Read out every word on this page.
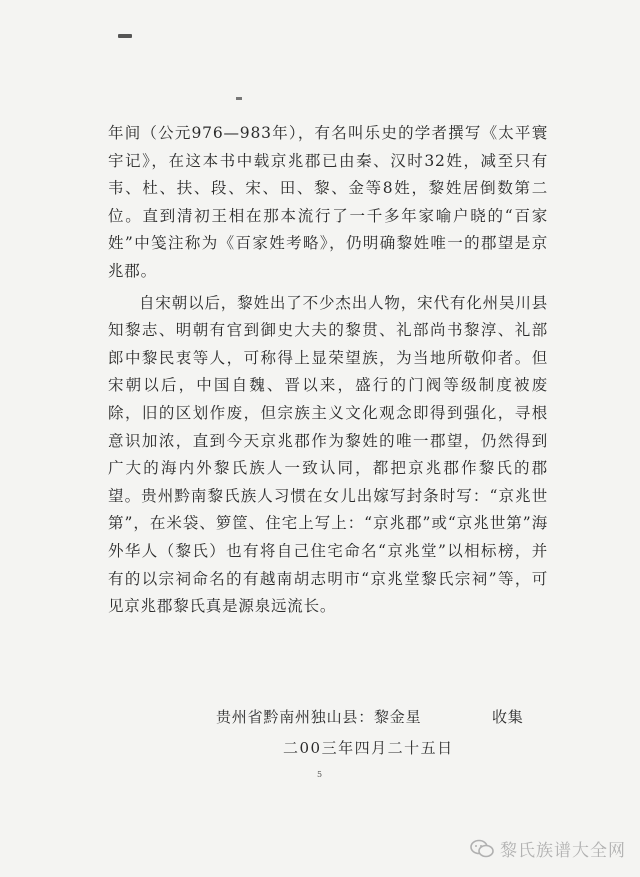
年间（公元976—983年），有名叫乐史的学者撰写《太平寰宇记》，在这本书中载京兆郡已由秦、汉时32姓，减至只有韦、杜、扶、段、宋、田、黎、金等8姓，黎姓居倒数第二位。直到清初王相在那本流行了一千多年家喻户晓的“百家姓”中笺注称为《百家姓考略》，仍明确黎姓唯一的郡望是京兆郡。

自宋朝以后，黎姓出了不少杰出人物，宋代有化州吴川县知黎志、明朝有官到御史大夫的黎贯、礼部尚书黎淳、礼部郎中黎民衷等人，可称得上显荣望族，为当地所敬仰者。但宋朝以后，中国自魏、晋以来，盛行的门阀等级制度被废除，旧的区划作废，但宗族主义文化观念即得到强化，寻根意识加浓，直到今天京兆郡作为黎姓的唯一郡望，仍然得到广大的海内外黎氏族人一致认同，都把京兆郡作黎氏的郡望。贵州黔南黎氏族人习惯在女儿出嫁写封条时写：“京兆世第”，在米袋、箩筐、住宅上写上：“京兆郡”或“京兆世第”海外华人（黎氏）也有将自己住宅命名“京兆堂”以相标榜，并有的以宗祠命名的有越南胡志明市“京兆堂黎氏宗祠”等，可见京兆郡黎氏真是源泉远流长。

贵州省黔南州独山县：黎金星	收集
二00三年四月二十五日
5
黎氏族谱大全网
